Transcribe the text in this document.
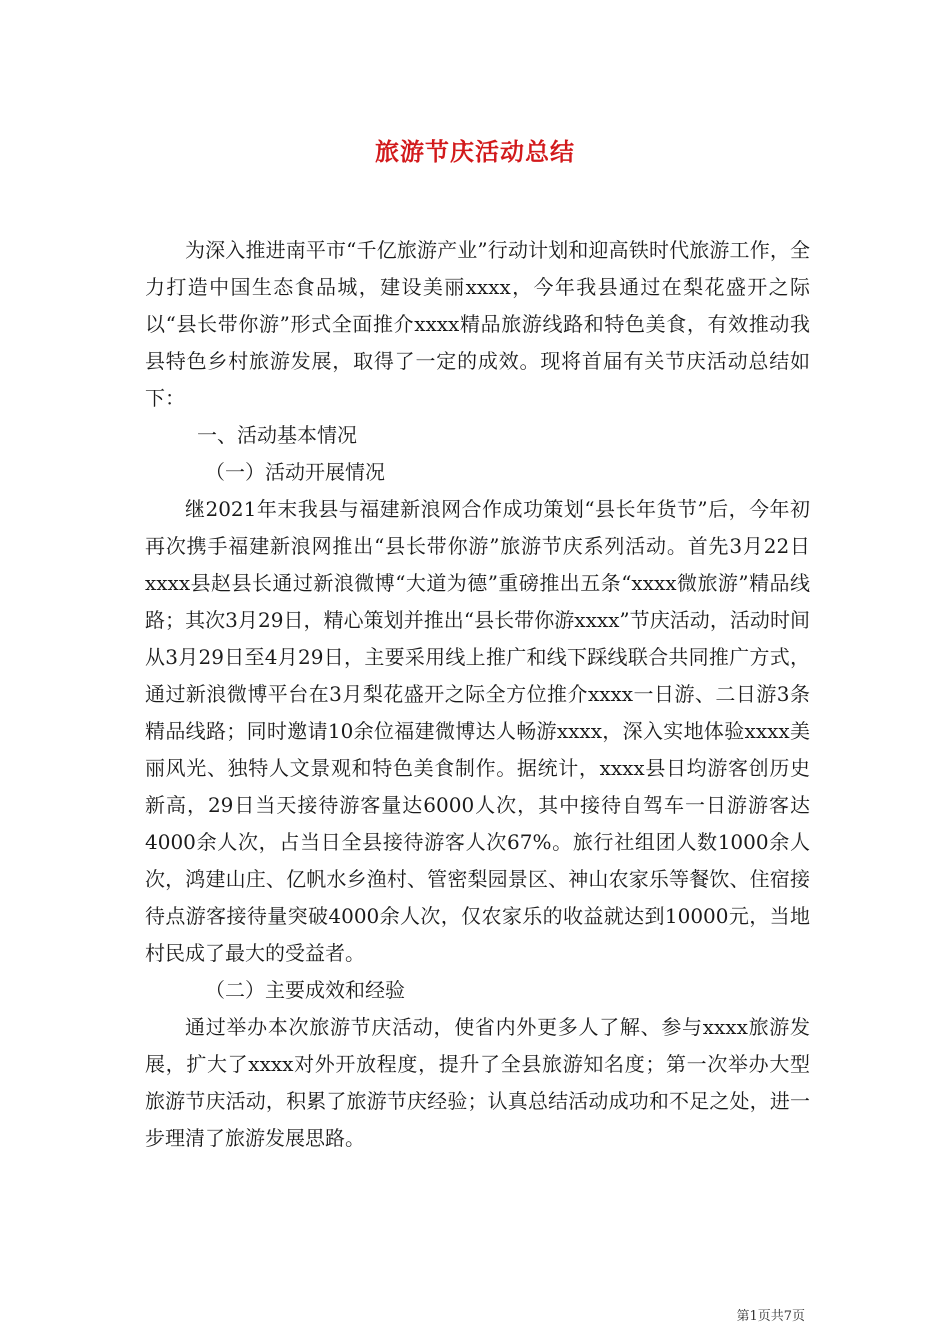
旅游节庆活动总结

为深入推进南平市“千亿旅游产业”行动计划和迎高铁时代旅游工作，全力打造中国生态食品城，建设美丽xxxx，今年我县通过在梨花盛开之际以“县长带你游”形式全面推介xxxx精品旅游线路和特色美食，有效推动我县特色乡村旅游发展，取得了一定的成效。现将首届有关节庆活动总结如下：

一、活动基本情况

（一）活动开展情况

继2021年末我县与福建新浪网合作成功策划“县长年货节”后，今年初再次携手福建新浪网推出“县长带你游”旅游节庆系列活动。首先3月22日xxxx县赵县长通过新浪微博“大道为德”重磅推出五条“xxxx微旅游”精品线路；其次3月29日，精心策划并推出“县长带你游xxxx”节庆活动，活动时间从3月29日至4月29日，主要采用线上推广和线下踩线联合共同推广方式，通过新浪微博平台在3月梨花盛开之际全方位推介xxxx一日游、二日游3条精品线路；同时邀请10余位福建微博达人畅游xxxx，深入实地体验xxxx美丽风光、独特人文景观和特色美食制作。据统计，xxxx县日均游客创历史新高，29日当天接待游客量达6000人次，其中接待自驾车一日游游客达4000余人次，占当日全县接待游客人次67%。旅行社组团人数1000余人次，鸿建山庄、亿帆水乡渔村、管密梨园景区、神山农家乐等餐饮、住宿接待点游客接待量突破4000余人次，仅农家乐的收益就达到10000元，当地村民成了最大的受益者。

（二）主要成效和经验

通过举办本次旅游节庆活动，使省内外更多人了解、参与xxxx旅游发展，扩大了xxxx对外开放程度，提升了全县旅游知名度；第一次举办大型旅游节庆活动，积累了旅游节庆经验；认真总结活动成功和不足之处，进一步理清了旅游发展思路。

第1页共7页
